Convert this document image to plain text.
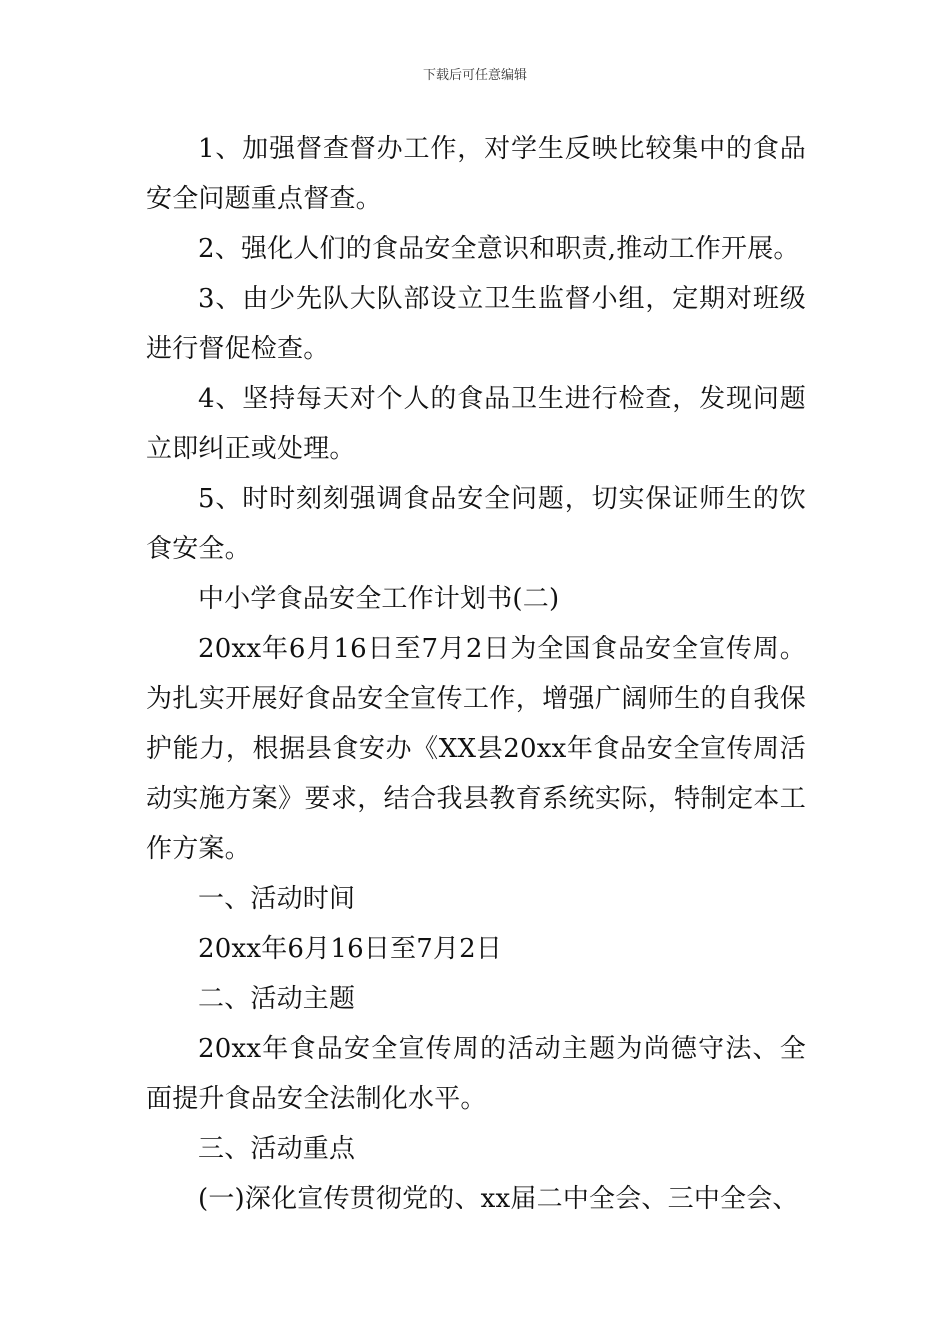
下载后可任意编辑

1、加强督查督办工作，对学生反映比较集中的食品安全问题重点督查。

2、强化人们的食品安全意识和职责,推动工作开展。

3、由少先队大队部设立卫生监督小组，定期对班级进行督促检查。

4、坚持每天对个人的食品卫生进行检查，发现问题立即纠正或处理。

5、时时刻刻强调食品安全问题，切实保证师生的饮食安全。

中小学食品安全工作计划书(二)

20xx年6月16日至7月2日为全国食品安全宣传周。为扎实开展好食品安全宣传工作，增强广阔师生的自我保护能力，根据县食安办《XX县20xx年食品安全宣传周活动实施方案》要求，结合我县教育系统实际，特制定本工作方案。

一、活动时间

20xx年6月16日至7月2日

二、活动主题

20xx年食品安全宣传周的活动主题为尚德守法、全面提升食品安全法制化水平。

三、活动重点

(一)深化宣传贯彻党的、xx届二中全会、三中全会、
